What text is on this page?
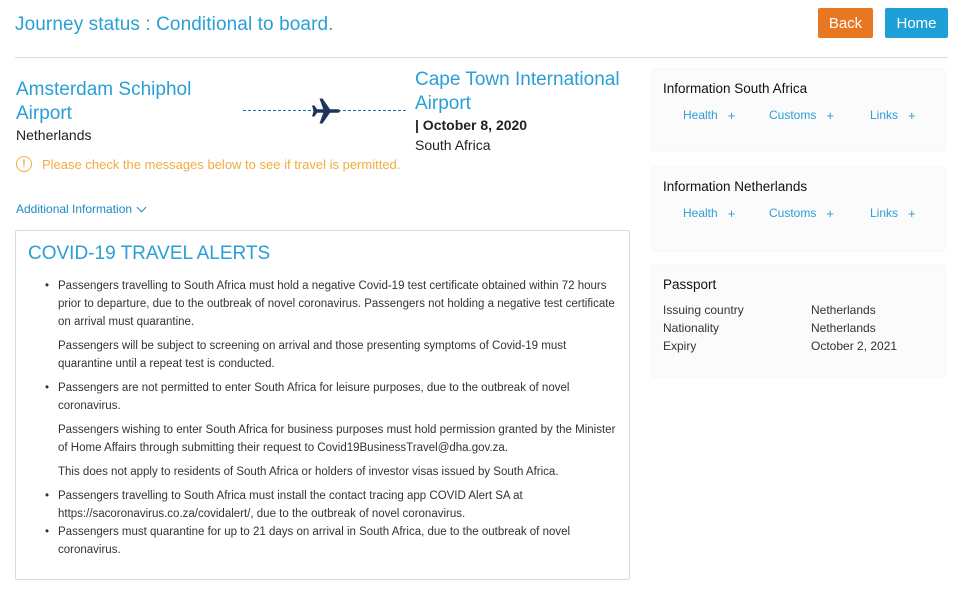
Journey status : Conditional to board.	Back	Home
Amsterdam Schiphol Airport
Netherlands
Cape Town International Airport
| October 8, 2020
South Africa
!	Please check the messages below to see if travel is permitted.
Additional Information
COVID-19 TRAVEL ALERTS

• Passengers travelling to South Africa must hold a negative Covid-19 test certificate obtained within 72 hours prior to departure, due to the outbreak of novel coronavirus. Passengers not holding a negative test certificate on arrival must quarantine.

Passengers will be subject to screening on arrival and those presenting symptoms of Covid-19 must quarantine until a repeat test is conducted.

• Passengers are not permitted to enter South Africa for leisure purposes, due to the outbreak of novel coronavirus.

Passengers wishing to enter South Africa for business purposes must hold permission granted by the Minister of Home Affairs through submitting their request to Covid19BusinessTravel@dha.gov.za.

This does not apply to residents of South Africa or holders of investor visas issued by South Africa.

• Passengers travelling to South Africa must install the contact tracing app COVID Alert SA at https://sacoronavirus.co.za/covidalert/, due to the outbreak of novel coronavirus.

• Passengers must quarantine for up to 21 days on arrival in South Africa, due to the outbreak of novel coronavirus.

Information South Africa
Health +	Customs +	Links +
Information Netherlands
Health +	Customs +	Links +
Passport
Issuing country	Netherlands
Nationality	Netherlands
Expiry	October 2, 2021
